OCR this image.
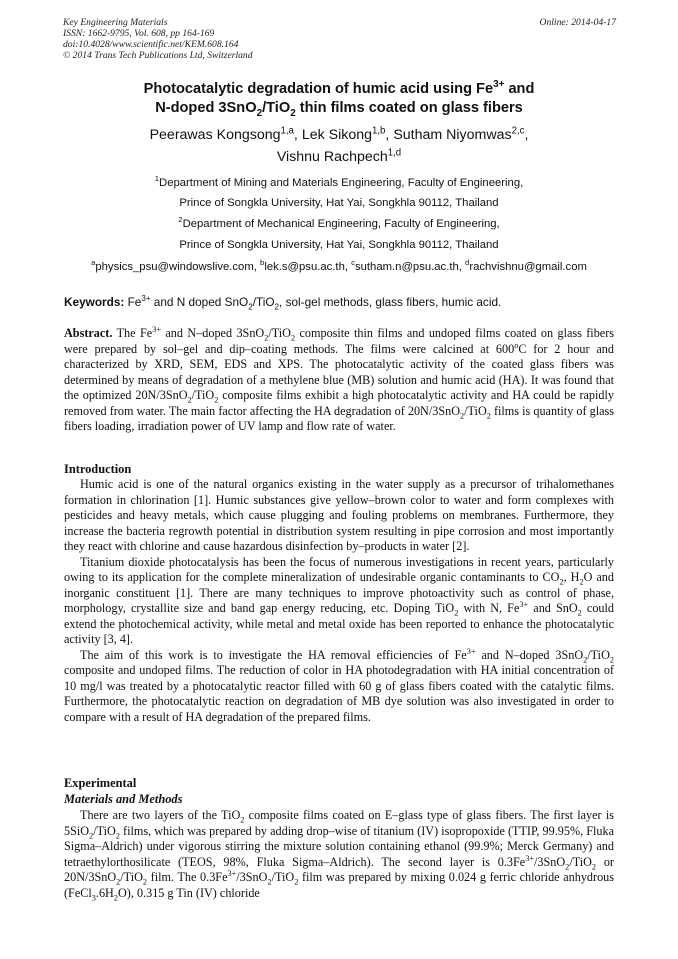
Key Engineering Materials
ISSN: 1662-9795, Vol. 608, pp 164-169
doi:10.4028/www.scientific.net/KEM.608.164
© 2014 Trans Tech Publications Ltd, Switzerland
Online: 2014-04-17
Photocatalytic degradation of humic acid using $Fe^{3+}$ and
N-doped 3SnO$_2$/TiO$_2$ thin films coated on glass fibers
Peerawas Kongsong$^{1,a}$, Lek Sikong$^{1,b}$, Sutham Niyomwas$^{2,c}$,
Vishnu Rachpech$^{1,d}$
$^1$Department of Mining and Materials Engineering, Faculty of Engineering,
Prince of Songkla University, Hat Yai, Songkhla 90112, Thailand
$^2$Department of Mechanical Engineering, Faculty of Engineering,
Prince of Songkla University, Hat Yai, Songkhla 90112, Thailand
$^a$physics_psu@windowslive.com, $^b$lek.s@psu.ac.th, $^c$sutham.n@psu.ac.th, $^d$rachvishnu@gmail.com
Keywords: $Fe^{3+}$ and N doped SnO$_2$/TiO$_2$, sol-gel methods, glass fibers, humic acid.

Abstract. The $Fe^{3+}$ and N–doped 3SnO$_2$/TiO$_2$ composite thin films and undoped films coated on glass fibers were prepared by sol–gel and dip–coating methods. The films were calcined at 600$^o$C for 2 hour and characterized by XRD, SEM, EDS and XPS. The photocatalytic activity of the coated glass fibers was determined by means of degradation of a methylene blue (MB) solution and humic acid (HA). It was found that the optimized 20N/3SnO$_2$/TiO$_2$ composite films exhibit a high photocatalytic activity and HA could be rapidly removed from water. The main factor affecting the HA degradation of 20N/3SnO$_2$/TiO$_2$ films is quantity of glass fibers loading, irradiation power of UV lamp and flow rate of water.

Introduction

Humic acid is one of the natural organics existing in the water supply as a precursor of trihalomethanes formation in chlorination [1]. Humic substances give yellow–brown color to water and form complexes with pesticides and heavy metals, which cause plugging and fouling problems on membranes. Furthermore, they increase the bacteria regrowth potential in distribution system resulting in pipe corrosion and most importantly they react with chlorine and cause hazardous disinfection by–products in water [2].

Titanium dioxide photocatalysis has been the focus of numerous investigations in recent years, particularly owing to its application for the complete mineralization of undesirable organic contaminants to $CO_2$, $H_2O$ and inorganic constituent [1]. There are many techniques to improve photoactivity such as control of phase, morphology, crystallite size and band gap energy reducing, etc. Doping TiO$_2$ with N, $Fe^{3+}$ and SnO$_2$ could extend the photochemical activity, while metal and metal oxide has been reported to enhance the photocatalytic activity [3, 4].

The aim of this work is to investigate the HA removal efficiencies of $Fe^{3+}$ and N–doped 3SnO$_2$/TiO$_2$ composite and undoped films. The reduction of color in HA photodegradation with HA initial concentration of 10 mg/l was treated by a photocatalytic reactor filled with 60 g of glass fibers coated with the catalytic films. Furthermore, the photocatalytic reaction on degradation of MB dye solution was also investigated in order to compare with a result of HA degradation of the prepared films.

Experimental
Materials and Methods

There are two layers of the TiO$_2$ composite films coated on E–glass type of glass fibers. The first layer is 5SiO$_2$/TiO$_2$ films, which was prepared by adding drop–wise of titanium (IV) isopropoxide (TTIP, 99.95%, Fluka Sigma–Aldrich) under vigorous stirring the mixture solution containing ethanol (99.9%; Merck Germany) and tetraethylorthosilicate (TEOS, 98%, Fluka Sigma–Aldrich). The second layer is $0.3Fe^{3+}/3SnO_2/TiO_2$ or 20N/3SnO$_2$/TiO$_2$ film. The $0.3Fe^{3+}/3SnO_2/TiO_2$ film was prepared by mixing 0.024 g ferric chloride anhydrous $(FeCl_3.6H_2O)$, 0.315 g Tin (IV) chloride
